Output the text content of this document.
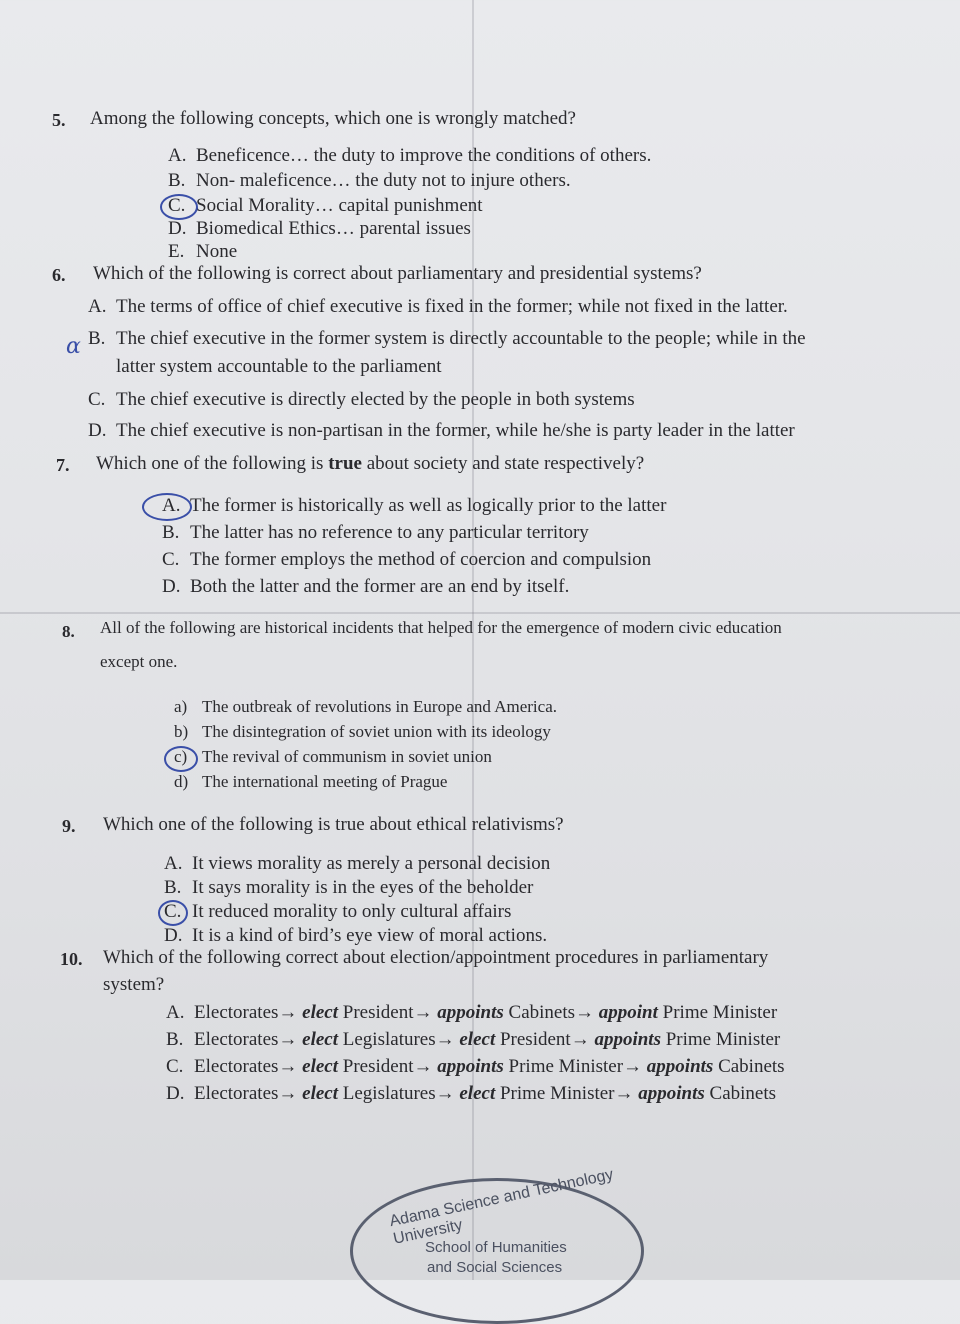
5. Among the following concepts, which one is wrongly matched?
A. Beneficence… the duty to improve the conditions of others.
B. Non- maleficence… the duty not to injure others.
C. Social Morality… capital punishment
D. Biomedical Ethics… parental issues
E. None
6. Which of the following is correct about parliamentary and presidential systems?
A. The terms of office of chief executive is fixed in the former; while not fixed in the latter.
B. The chief executive in the former system is directly accountable to the people; while in the
latter system accountable to the parliament
α
C. The chief executive is directly elected by the people in both systems
D. The chief executive is non-partisan in the former, while he/she is party leader in the latter
7. Which one of the following is true about society and state respectively?
A. The former is historically as well as logically prior to the latter
B. The latter has no reference to any particular territory
C. The former employs the method of coercion and compulsion
D. Both the latter and the former are an end by itself.
8. All of the following are historical incidents that helped for the emergence of modern civic education
except one.
a) The outbreak of revolutions in Europe and America.
b) The disintegration of soviet union with its ideology
c) The revival of communism in soviet union
d) The international meeting of Prague
9. Which one of the following is true about ethical relativisms?
A. It views morality as merely a personal decision
B. It says morality is in the eyes of the beholder
C. It reduced morality to only cultural affairs
D. It is a kind of bird’s eye view of moral actions.
10. Which of the following correct about election/appointment procedures in parliamentary
system?
A. Electorates→ elect President→ appoints Cabinets→ appoint Prime Minister
B. Electorates→ elect Legislatures→ elect President→ appoints Prime Minister
C. Electorates→ elect President→ appoints Prime Minister→ appoints Cabinets
D. Electorates→ elect Legislatures→ elect Prime Minister→ appoints Cabinets
Adama Science and Technology University
School of Humanities
and Social Sciences
